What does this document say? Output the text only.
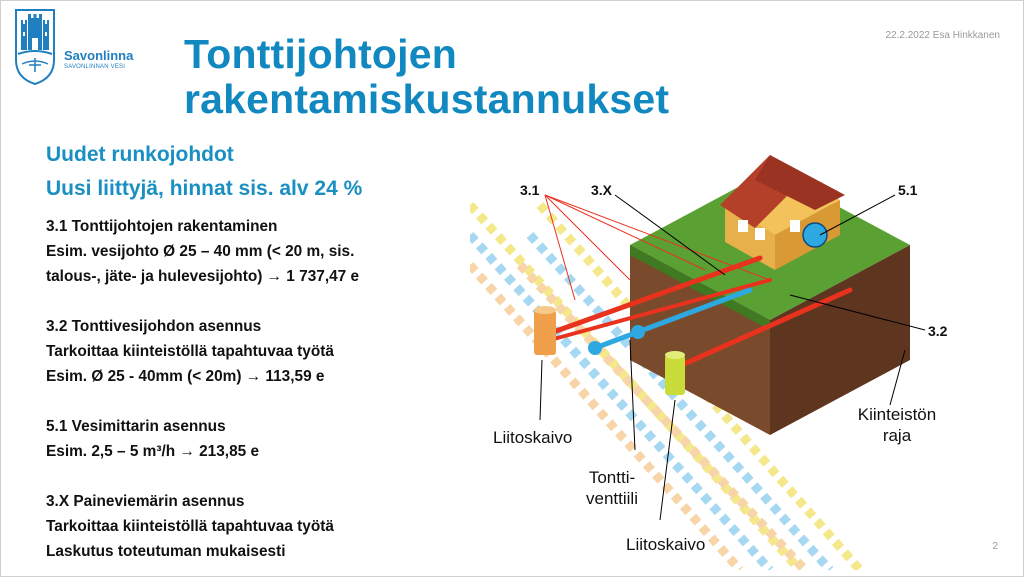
Savonlinna
SAVONLINNAN VESI
22.2.2022 Esa Hinkkanen
Tonttijohtojen
rakentamiskustannukset
Uudet runkojohdot
Uusi liittyjä, hinnat sis. alv 24 %
3.1 Tonttijohtojen rakentaminen
Esim. vesijohto Ø 25 – 40 mm (< 20 m, sis.
talous-, jäte- ja hulevesijohto) → 1 737,47 e
3.2 Tonttivesijohdon asennus
Tarkoittaa kiinteistöllä tapahtuvaa työtä
Esim. Ø 25 - 40mm (< 20m) → 113,59 e
5.1 Vesimittarin asennus
Esim. 2,5 – 5 m³/h → 213,85 e
3.X Paineviemärin asennus
Tarkoittaa kiinteistöllä tapahtuvaa työtä
Laskutus toteutuman mukaisesti
3.1	3.X	5.1
3.2
Liitoskaivo
Tontti-
venttiili
Liitoskaivo
Kiinteistön
raja
2
